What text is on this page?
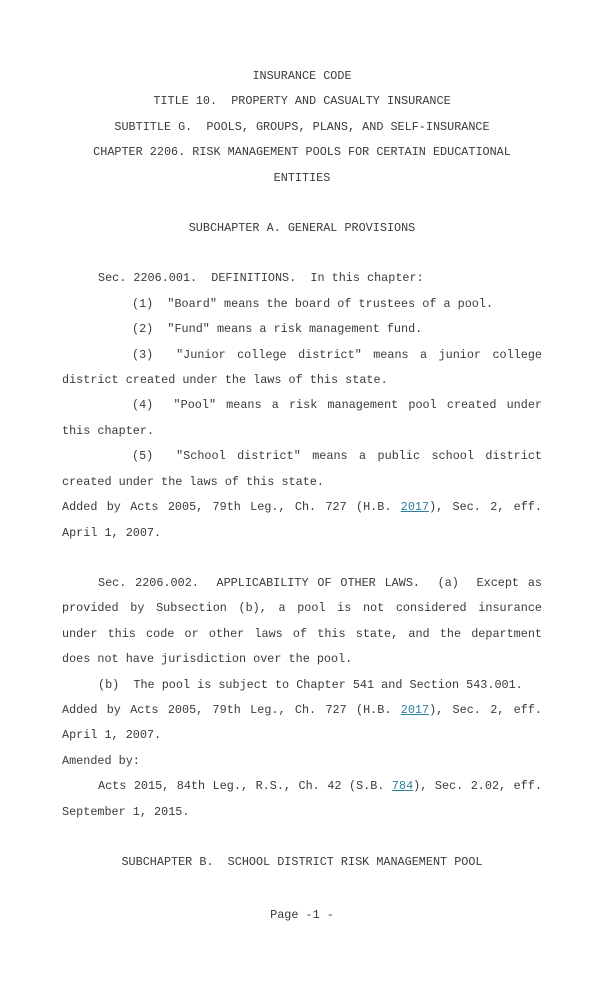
INSURANCE CODE

TITLE 10.  PROPERTY AND CASUALTY INSURANCE

SUBTITLE G.  POOLS, GROUPS, PLANS, AND SELF-INSURANCE

CHAPTER 2206. RISK MANAGEMENT POOLS FOR CERTAIN EDUCATIONAL ENTITIES

SUBCHAPTER A. GENERAL PROVISIONS

Sec. 2206.001.  DEFINITIONS.  In this chapter:

(1)  "Board" means the board of trustees of a pool.

(2)  "Fund" means a risk management fund.

(3)  "Junior college district" means a junior college district created under the laws of this state.

(4)  "Pool" means a risk management pool created under this chapter.

(5)  "School district" means a public school district created under the laws of this state.

Added by Acts 2005, 79th Leg., Ch. 727 (H.B. 2017), Sec. 2, eff. April 1, 2007.

Sec. 2206.002.  APPLICABILITY OF OTHER LAWS.  (a)  Except as provided by Subsection (b), a pool is not considered insurance under this code or other laws of this state, and the department does not have jurisdiction over the pool.

(b)  The pool is subject to Chapter 541 and Section 543.001.

Added by Acts 2005, 79th Leg., Ch. 727 (H.B. 2017), Sec. 2, eff. April 1, 2007.

Amended by:

Acts 2015, 84th Leg., R.S., Ch. 42 (S.B. 784), Sec. 2.02, eff. September 1, 2015.

SUBCHAPTER B.  SCHOOL DISTRICT RISK MANAGEMENT POOL

Page -1 -
